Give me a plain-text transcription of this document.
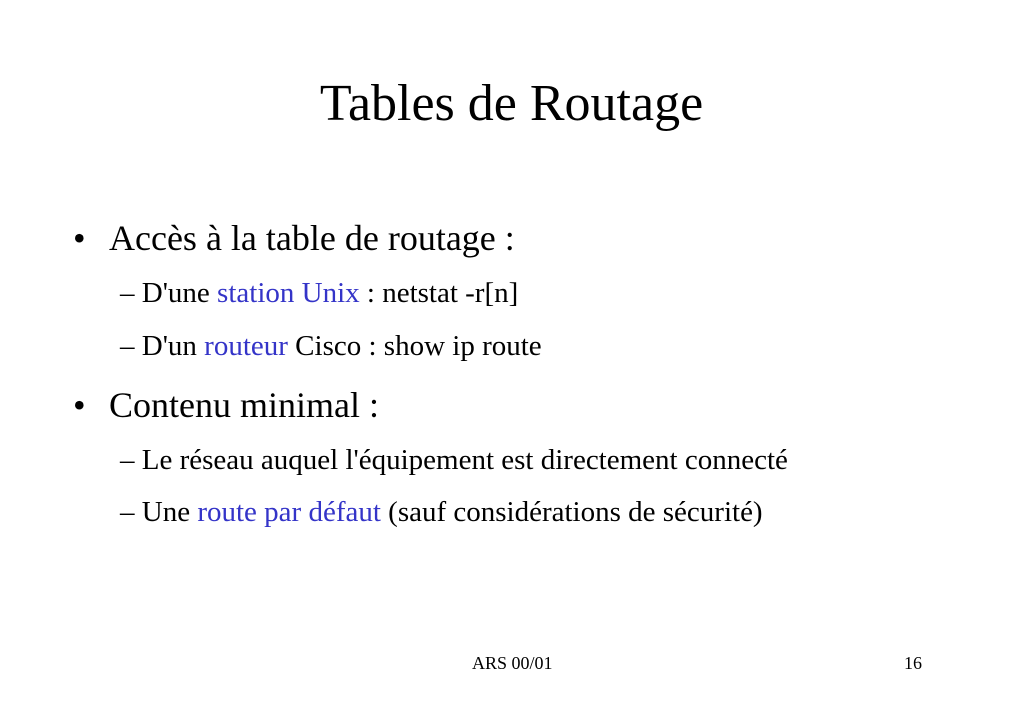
Tables de Routage
• Accès à la table de routage :
– D'une station Unix : netstat -r[n]
– D'un routeur Cisco : show ip route
• Contenu minimal :
– Le réseau auquel l'équipement est directement connecté
– Une route par défaut (sauf considérations de sécurité)
ARS 00/01	16
